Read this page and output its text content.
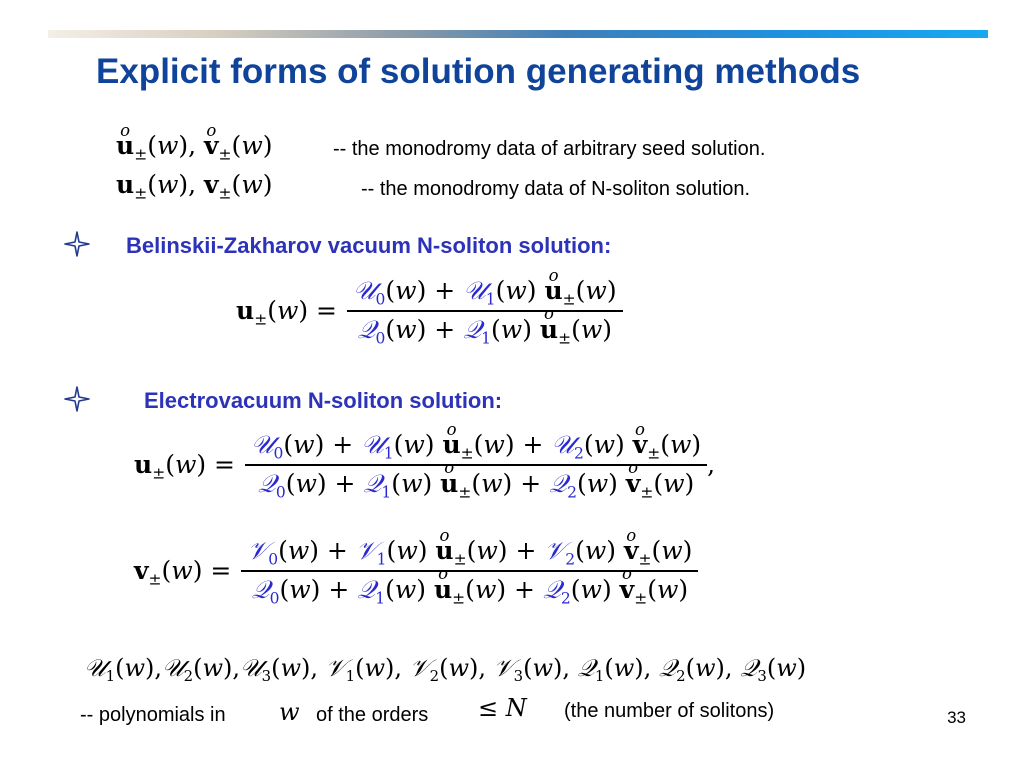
Explicit forms of solution generating methods
o $u_\pm(w)$, o $v_\pm(w)$	-- the monodromy data of arbitrary seed solution.
$u_\pm(w)$, $v_\pm(w)$	-- the monodromy data of N-soliton solution.
Belinskii-Zakharov vacuum N-soliton solution:
$u_\pm(w) = \frac{𝒰_0(w) + 𝒰_1(w) o u_\pm(w)}{𝒬_0(w) + 𝒬_1(w) o u_\pm(w)}$
Electrovacuum N-soliton solution:
$u_\pm(w) = \frac{𝒰_0(w) + 𝒰_1(w) o u_\pm(w) + 𝒰_2(w) o v_\pm(w)}{𝒬_0(w) + 𝒬_1(w) o u_\pm(w) + 𝒬_2(w) o v_\pm(w)}$ ,
$v_\pm(w) = \frac{𝒱_0(w) + 𝒱_1(w) o u_\pm(w) + 𝒱_2(w) o v_\pm(w)}{𝒬_0(w) + 𝒬_1(w) o u_\pm(w) + 𝒬_2(w) o v_\pm(w)}$
𝒰$_1$(w),𝒰$_2$(w),𝒰$_3$(w), 𝒱$_1$(w), 𝒱$_2$(w), 𝒱$_3$(w), 𝒬$_1$(w), 𝒬$_2$(w), 𝒬$_3$(w)
-- polynomials in w of the orders ≤ N (the number of solitons)	33
